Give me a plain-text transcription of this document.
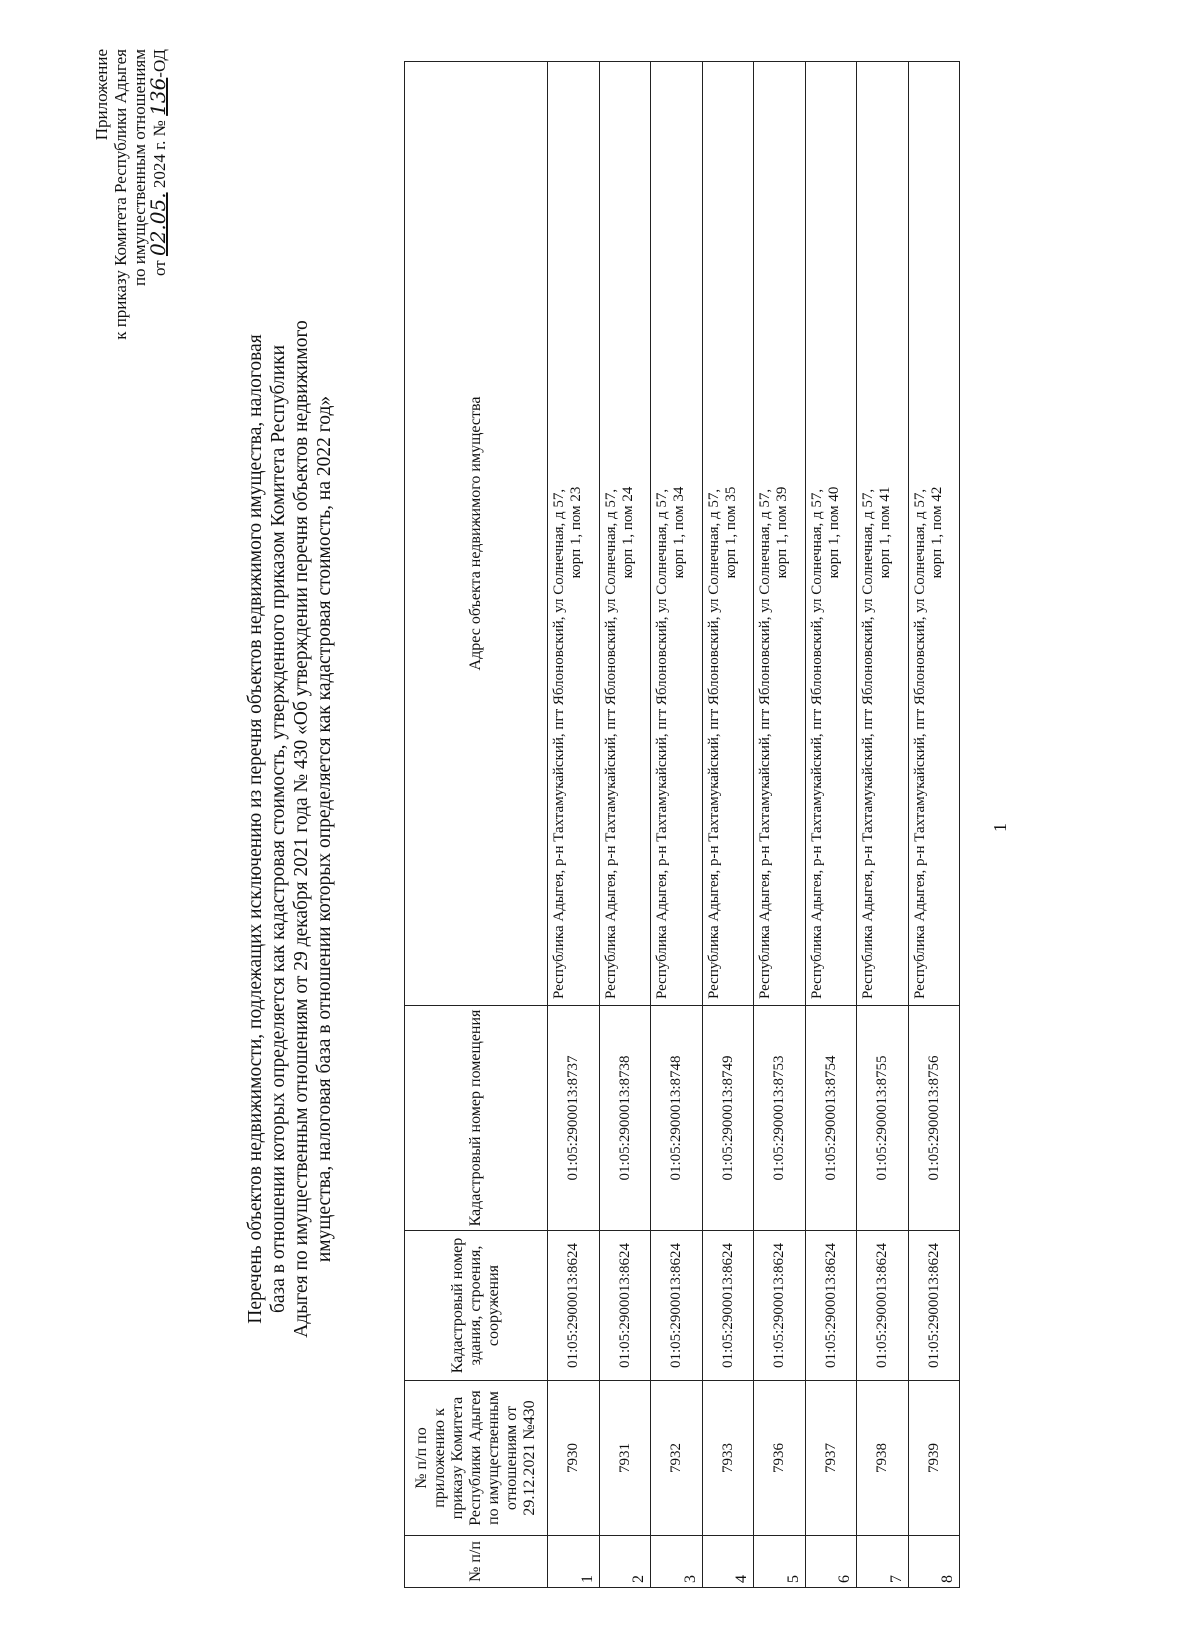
Приложение к приказу Комитета Республики Адыгея по имущественным отношениям от 02.05. 2024 г. № 136-ОД
Перечень объектов недвижимости, подлежащих исключению из перечня объектов недвижимого имущества, налоговая база в отношении которых определяется как кадастровая стоимость, утвержденного приказом Комитета Республики Адыгея по имущественным отношениям от 29 декабря 2021 года № 430 «Об утверждении перечня объектов недвижимого имущества, налоговая база в отношении которых определяется как кадастровая стоимость, на 2022 год»
№ п/п	№ п/п по приложению к приказу Комитета Республики Адыгея по имущественным отношениям от 29.12.2021 №430	Кадастровый номер здания, строения, сооружения	Кадастровый номер помещения	Адрес объекта недвижимого имущества
1	7930	01:05:2900013:8624	01:05:2900013:8737	Республика Адыгея, р-н Тахтамукайский, пгт Яблоновский, ул Солнечная, д 57, корп 1, пом 23

2	7931	01:05:2900013:8624	01:05:2900013:8738	Республика Адыгея, р-н Тахтамукайский, пгт Яблоновский, ул Солнечная, д 57, корп 1, пом 24

3	7932	01:05:2900013:8624	01:05:2900013:8748	Республика Адыгея, р-н Тахтамукайский, пгт Яблоновский, ул Солнечная, д 57, корп 1, пом 34

4	7933	01:05:2900013:8624	01:05:2900013:8749	Республика Адыгея, р-н Тахтамукайский, пгт Яблоновский, ул Солнечная, д 57, корп 1, пом 35

5	7936	01:05:2900013:8624	01:05:2900013:8753	Республика Адыгея, р-н Тахтамукайский, пгт Яблоновский, ул Солнечная, д 57, корп 1, пом 39

6	7937	01:05:2900013:8624	01:05:2900013:8754	Республика Адыгея, р-н Тахтамукайский, пгт Яблоновский, ул Солнечная, д 57, корп 1, пом 40

7	7938	01:05:2900013:8624	01:05:2900013:8755	Республика Адыгея, р-н Тахтамукайский, пгт Яблоновский, ул Солнечная, д 57, корп 1, пом 41

8	7939	01:05:2900013:8624	01:05:2900013:8756	Республика Адыгея, р-н Тахтамукайский, пгт Яблоновский, ул Солнечная, д 57, корп 1, пом 42
1
